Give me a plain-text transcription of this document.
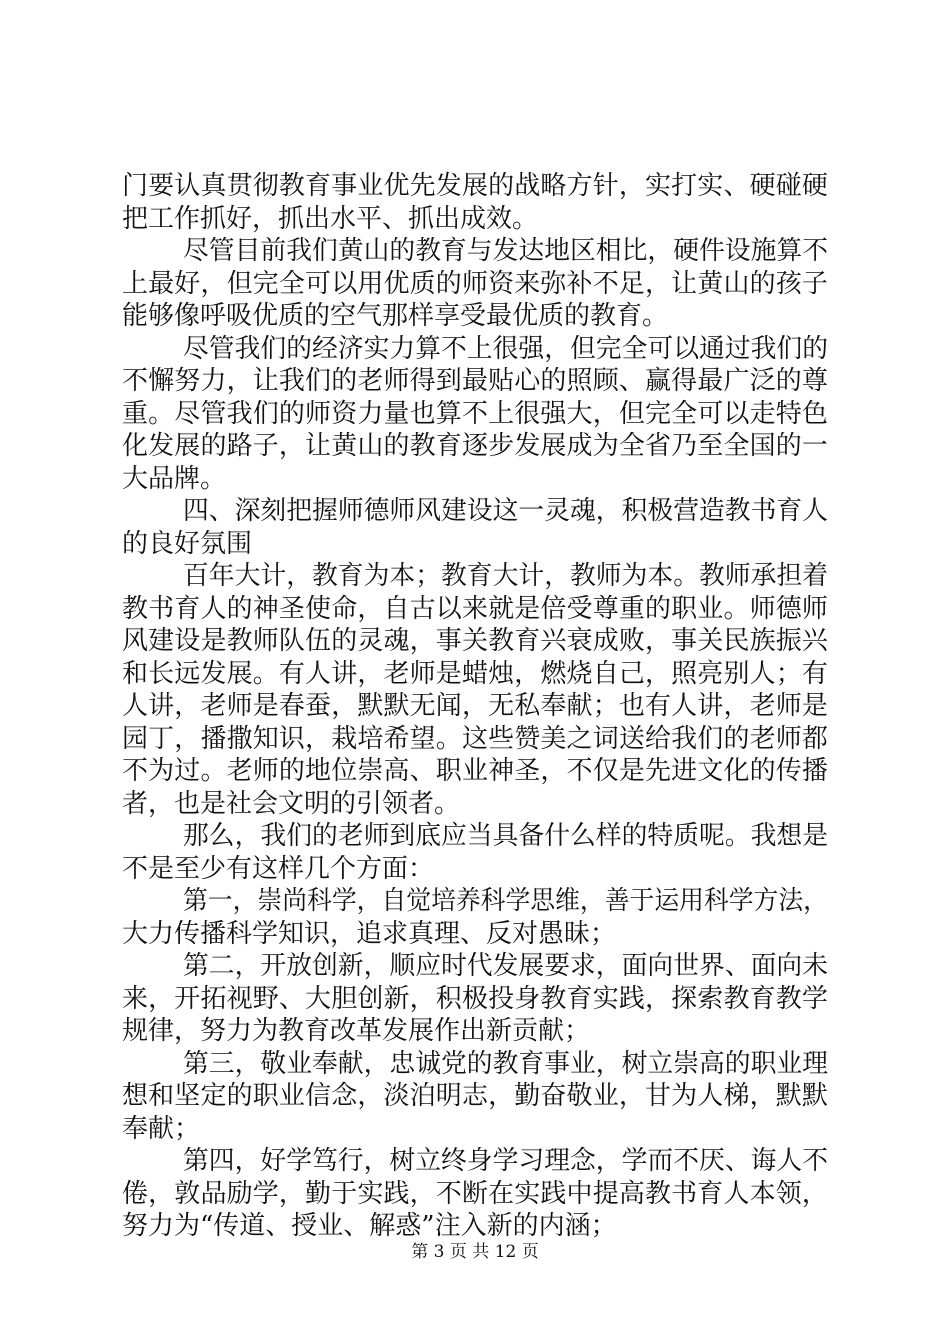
门要认真贯彻教育事业优先发展的战略方针，实打实、硬碰硬
把工作抓好，抓出水平、抓出成效。
尽管目前我们黄山的教育与发达地区相比，硬件设施算不
上最好，但完全可以用优质的师资来弥补不足，让黄山的孩子
能够像呼吸优质的空气那样享受最优质的教育。
尽管我们的经济实力算不上很强，但完全可以通过我们的
不懈努力，让我们的老师得到最贴心的照顾、赢得最广泛的尊
重。尽管我们的师资力量也算不上很强大，但完全可以走特色
化发展的路子，让黄山的教育逐步发展成为全省乃至全国的一
大品牌。
四、深刻把握师德师风建设这一灵魂，积极营造教书育人
的良好氛围
百年大计，教育为本；教育大计，教师为本。教师承担着
教书育人的神圣使命，自古以来就是倍受尊重的职业。师德师
风建设是教师队伍的灵魂，事关教育兴衰成败，事关民族振兴
和长远发展。有人讲，老师是蜡烛，燃烧自己，照亮别人；有
人讲，老师是春蚕，默默无闻，无私奉献；也有人讲，老师是
园丁，播撒知识，栽培希望。这些赞美之词送给我们的老师都
不为过。老师的地位崇高、职业神圣，不仅是先进文化的传播
者，也是社会文明的引领者。
那么，我们的老师到底应当具备什么样的特质呢。我想是
不是至少有这样几个方面：
第一，崇尚科学，自觉培养科学思维，善于运用科学方法，
大力传播科学知识，追求真理、反对愚昧；
第二，开放创新，顺应时代发展要求，面向世界、面向未
来，开拓视野、大胆创新，积极投身教育实践，探索教育教学
规律，努力为教育改革发展作出新贡献；
第三，敬业奉献，忠诚党的教育事业，树立崇高的职业理
想和坚定的职业信念，淡泊明志，勤奋敬业，甘为人梯，默默
奉献；
第四，好学笃行，树立终身学习理念，学而不厌、诲人不
倦，敦品励学，勤于实践，不断在实践中提高教书育人本领，
努力为“传道、授业、解惑”注入新的内涵；
第 3 页 共 12 页
